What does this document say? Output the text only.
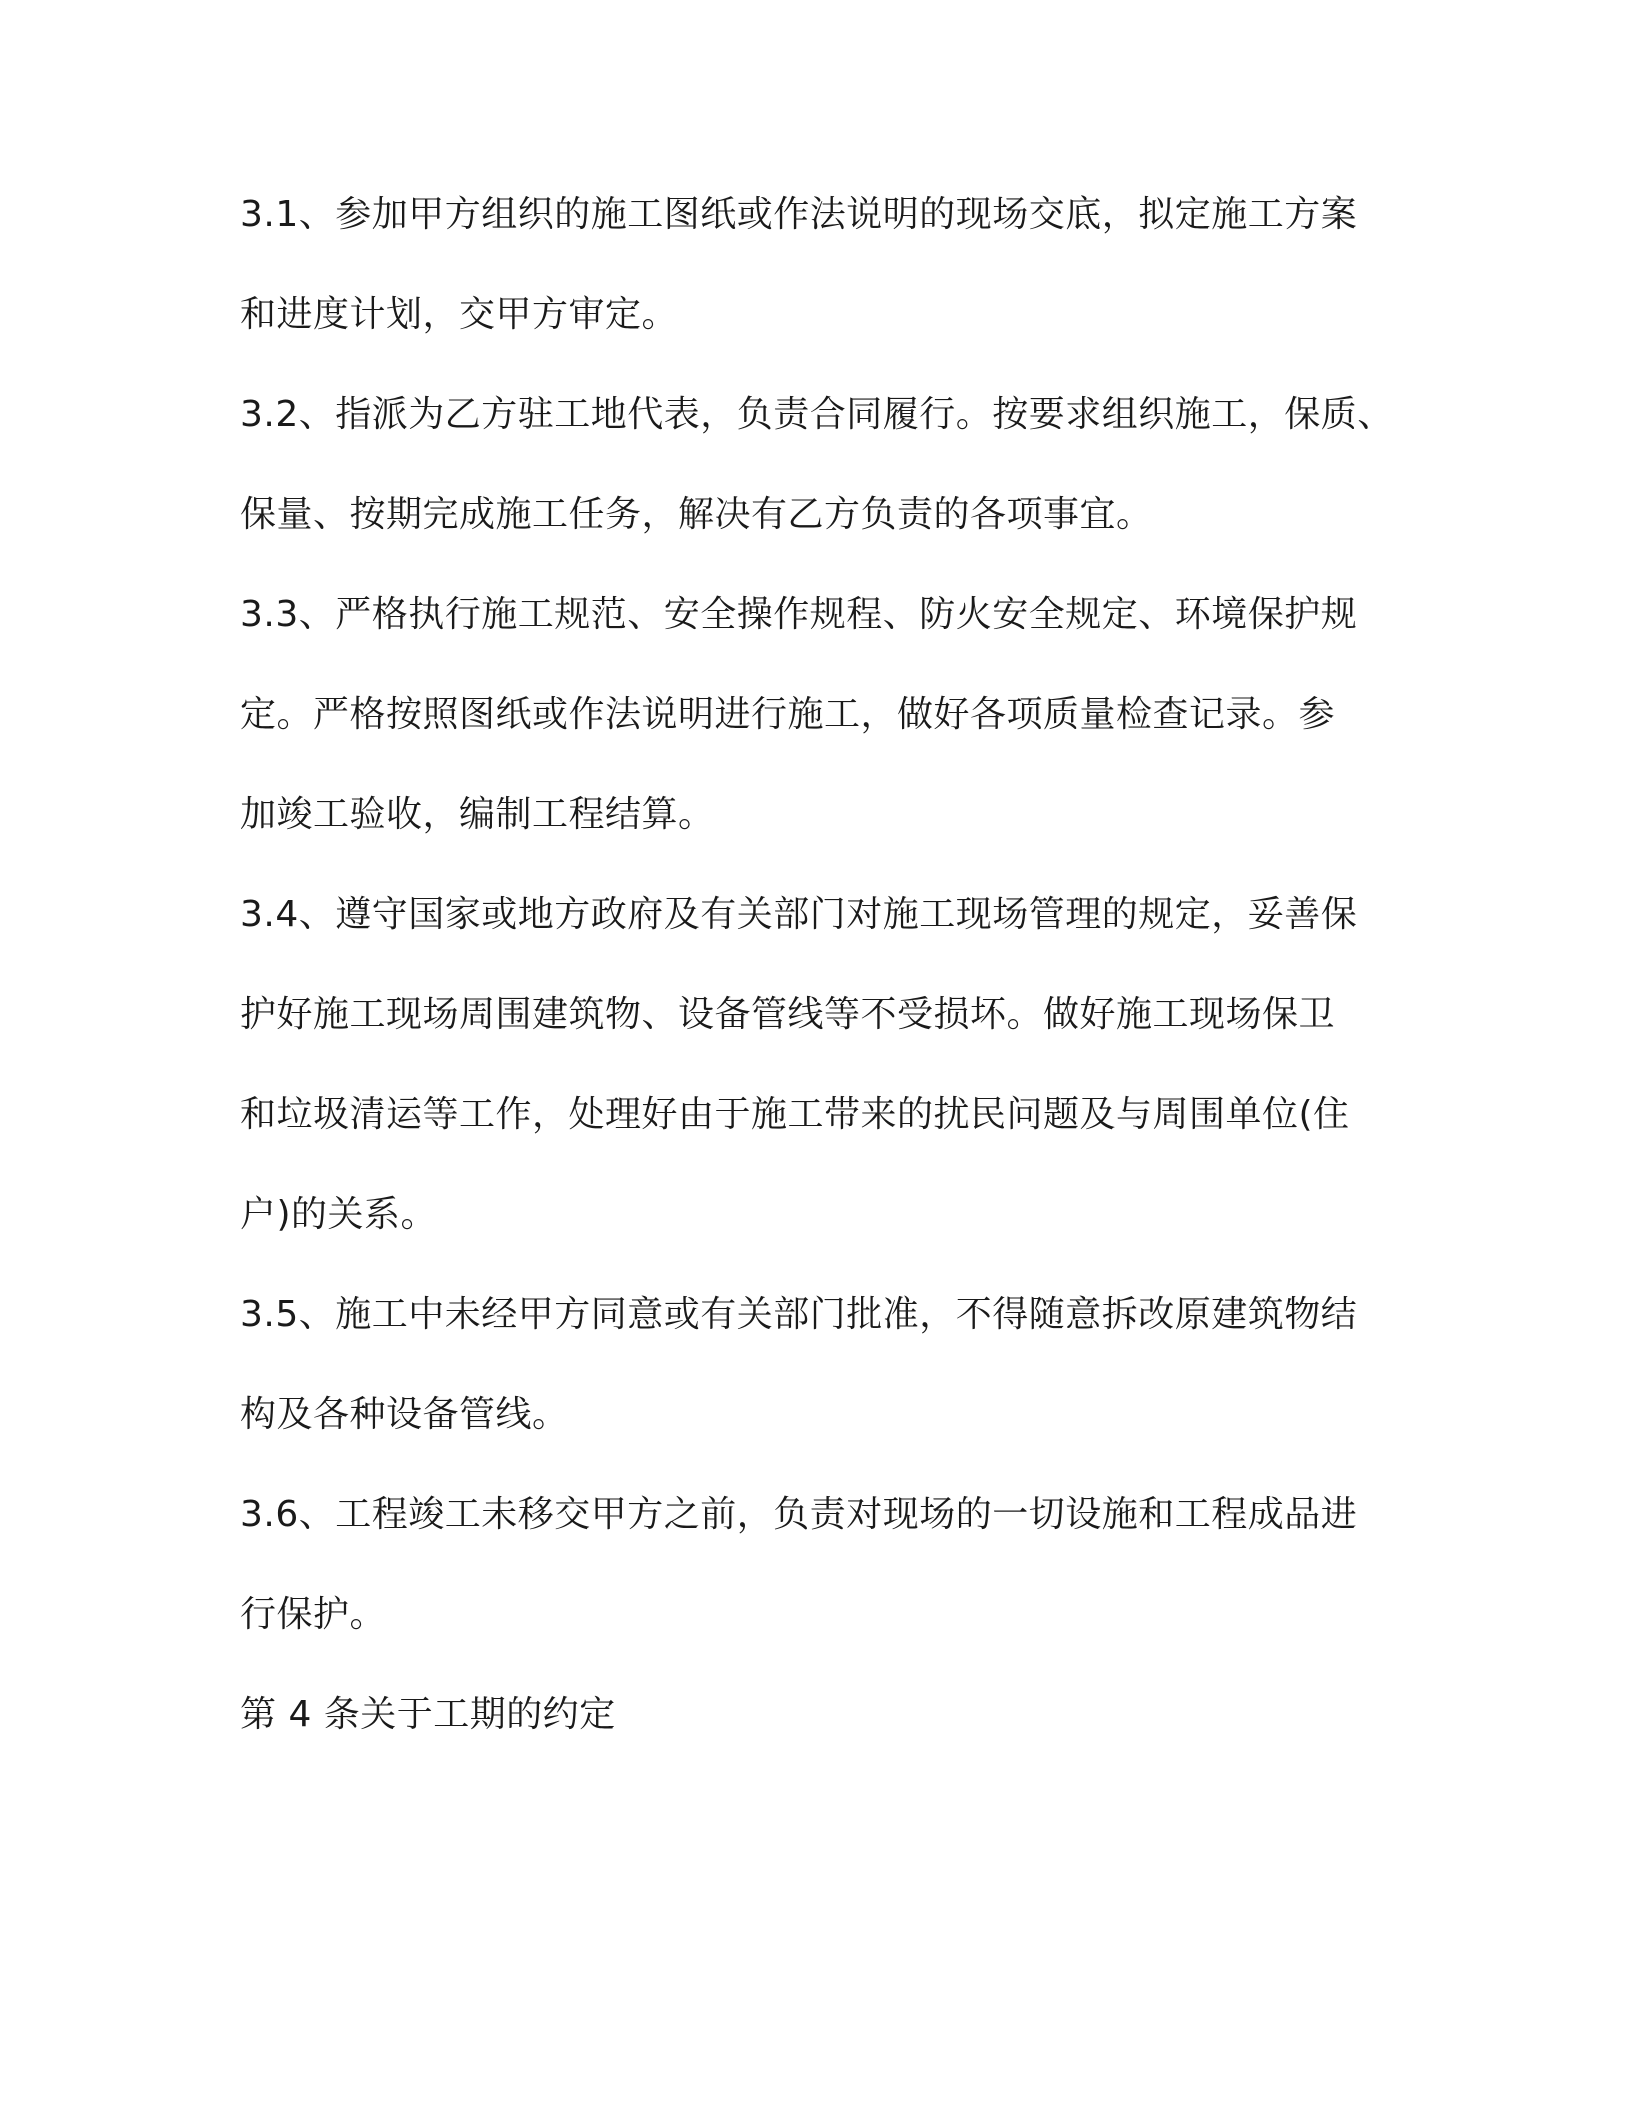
3.1、参加甲方组织的施工图纸或作法说明的现场交底，拟定施工方案
和进度计划，交甲方审定。
3.2、指派为乙方驻工地代表，负责合同履行。按要求组织施工，保质、
保量、按期完成施工任务，解决有乙方负责的各项事宜。
3.3、严格执行施工规范、安全操作规程、防火安全规定、环境保护规
定。严格按照图纸或作法说明进行施工，做好各项质量检查记录。参
加竣工验收，编制工程结算。
3.4、遵守国家或地方政府及有关部门对施工现场管理的规定，妥善保
护好施工现场周围建筑物、设备管线等不受损坏。做好施工现场保卫
和垃圾清运等工作，处理好由于施工带来的扰民问题及与周围单位(住
户)的关系。
3.5、施工中未经甲方同意或有关部门批准，不得随意拆改原建筑物结
构及各种设备管线。
3.6、工程竣工未移交甲方之前，负责对现场的一切设施和工程成品进
行保护。
第 4 条关于工期的约定
